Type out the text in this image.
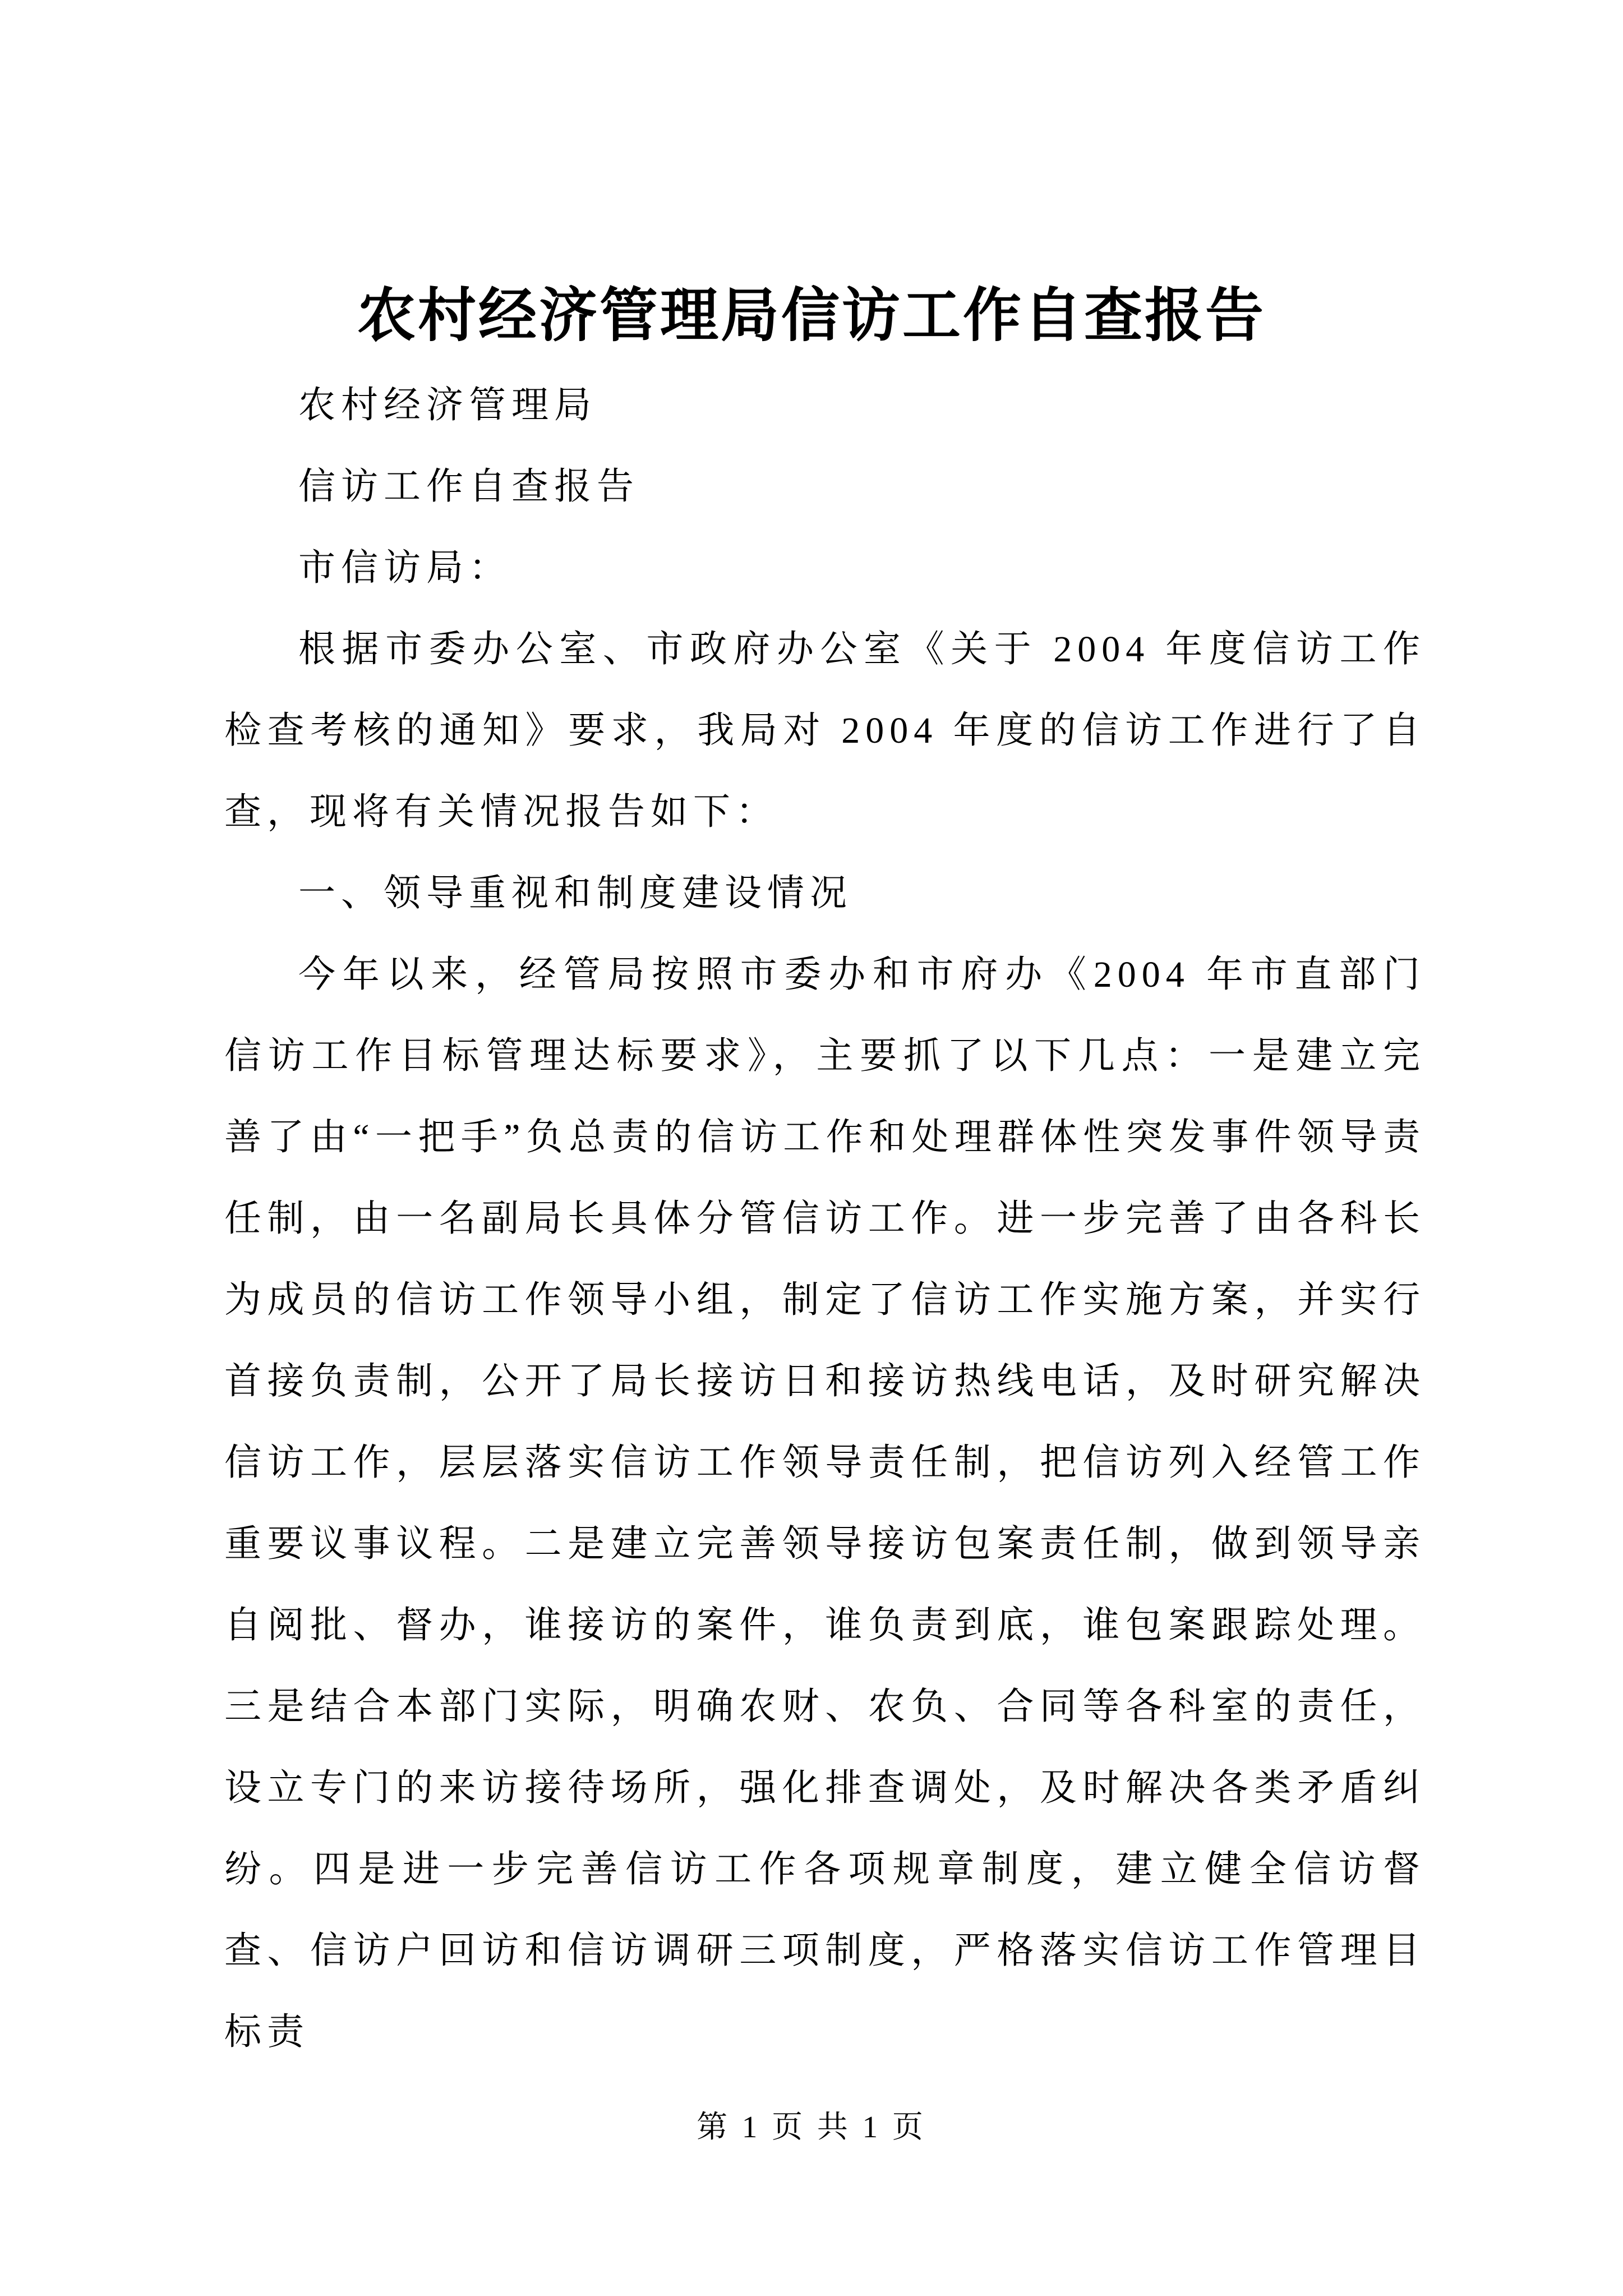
农村经济管理局信访工作自查报告

农村经济管理局

信访工作自查报告

市信访局：

根据市委办公室、市政府办公室《关于 2004 年度信访工作检查考核的通知》要求，我局对 2004 年度的信访工作进行了自查，现将有关情况报告如下：

一、领导重视和制度建设情况

今年以来，经管局按照市委办和市府办《2004 年市直部门信访工作目标管理达标要求》，主要抓了以下几点：一是建立完善了由“一把手”负总责的信访工作和处理群体性突发事件领导责任制，由一名副局长具体分管信访工作。进一步完善了由各科长为成员的信访工作领导小组，制定了信访工作实施方案，并实行首接负责制，公开了局长接访日和接访热线电话，及时研究解决信访工作，层层落实信访工作领导责任制，把信访列入经管工作重要议事议程。二是建立完善领导接访包案责任制，做到领导亲自阅批、督办，谁接访的案件，谁负责到底，谁包案跟踪处理。三是结合本部门实际，明确农财、农负、合同等各科室的责任，设立专门的来访接待场所，强化排查调处，及时解决各类矛盾纠纷。四是进一步完善信访工作各项规章制度，建立健全信访督查、信访户回访和信访调研三项制度，严格落实信访工作管理目标责

第 1 页 共 1 页
